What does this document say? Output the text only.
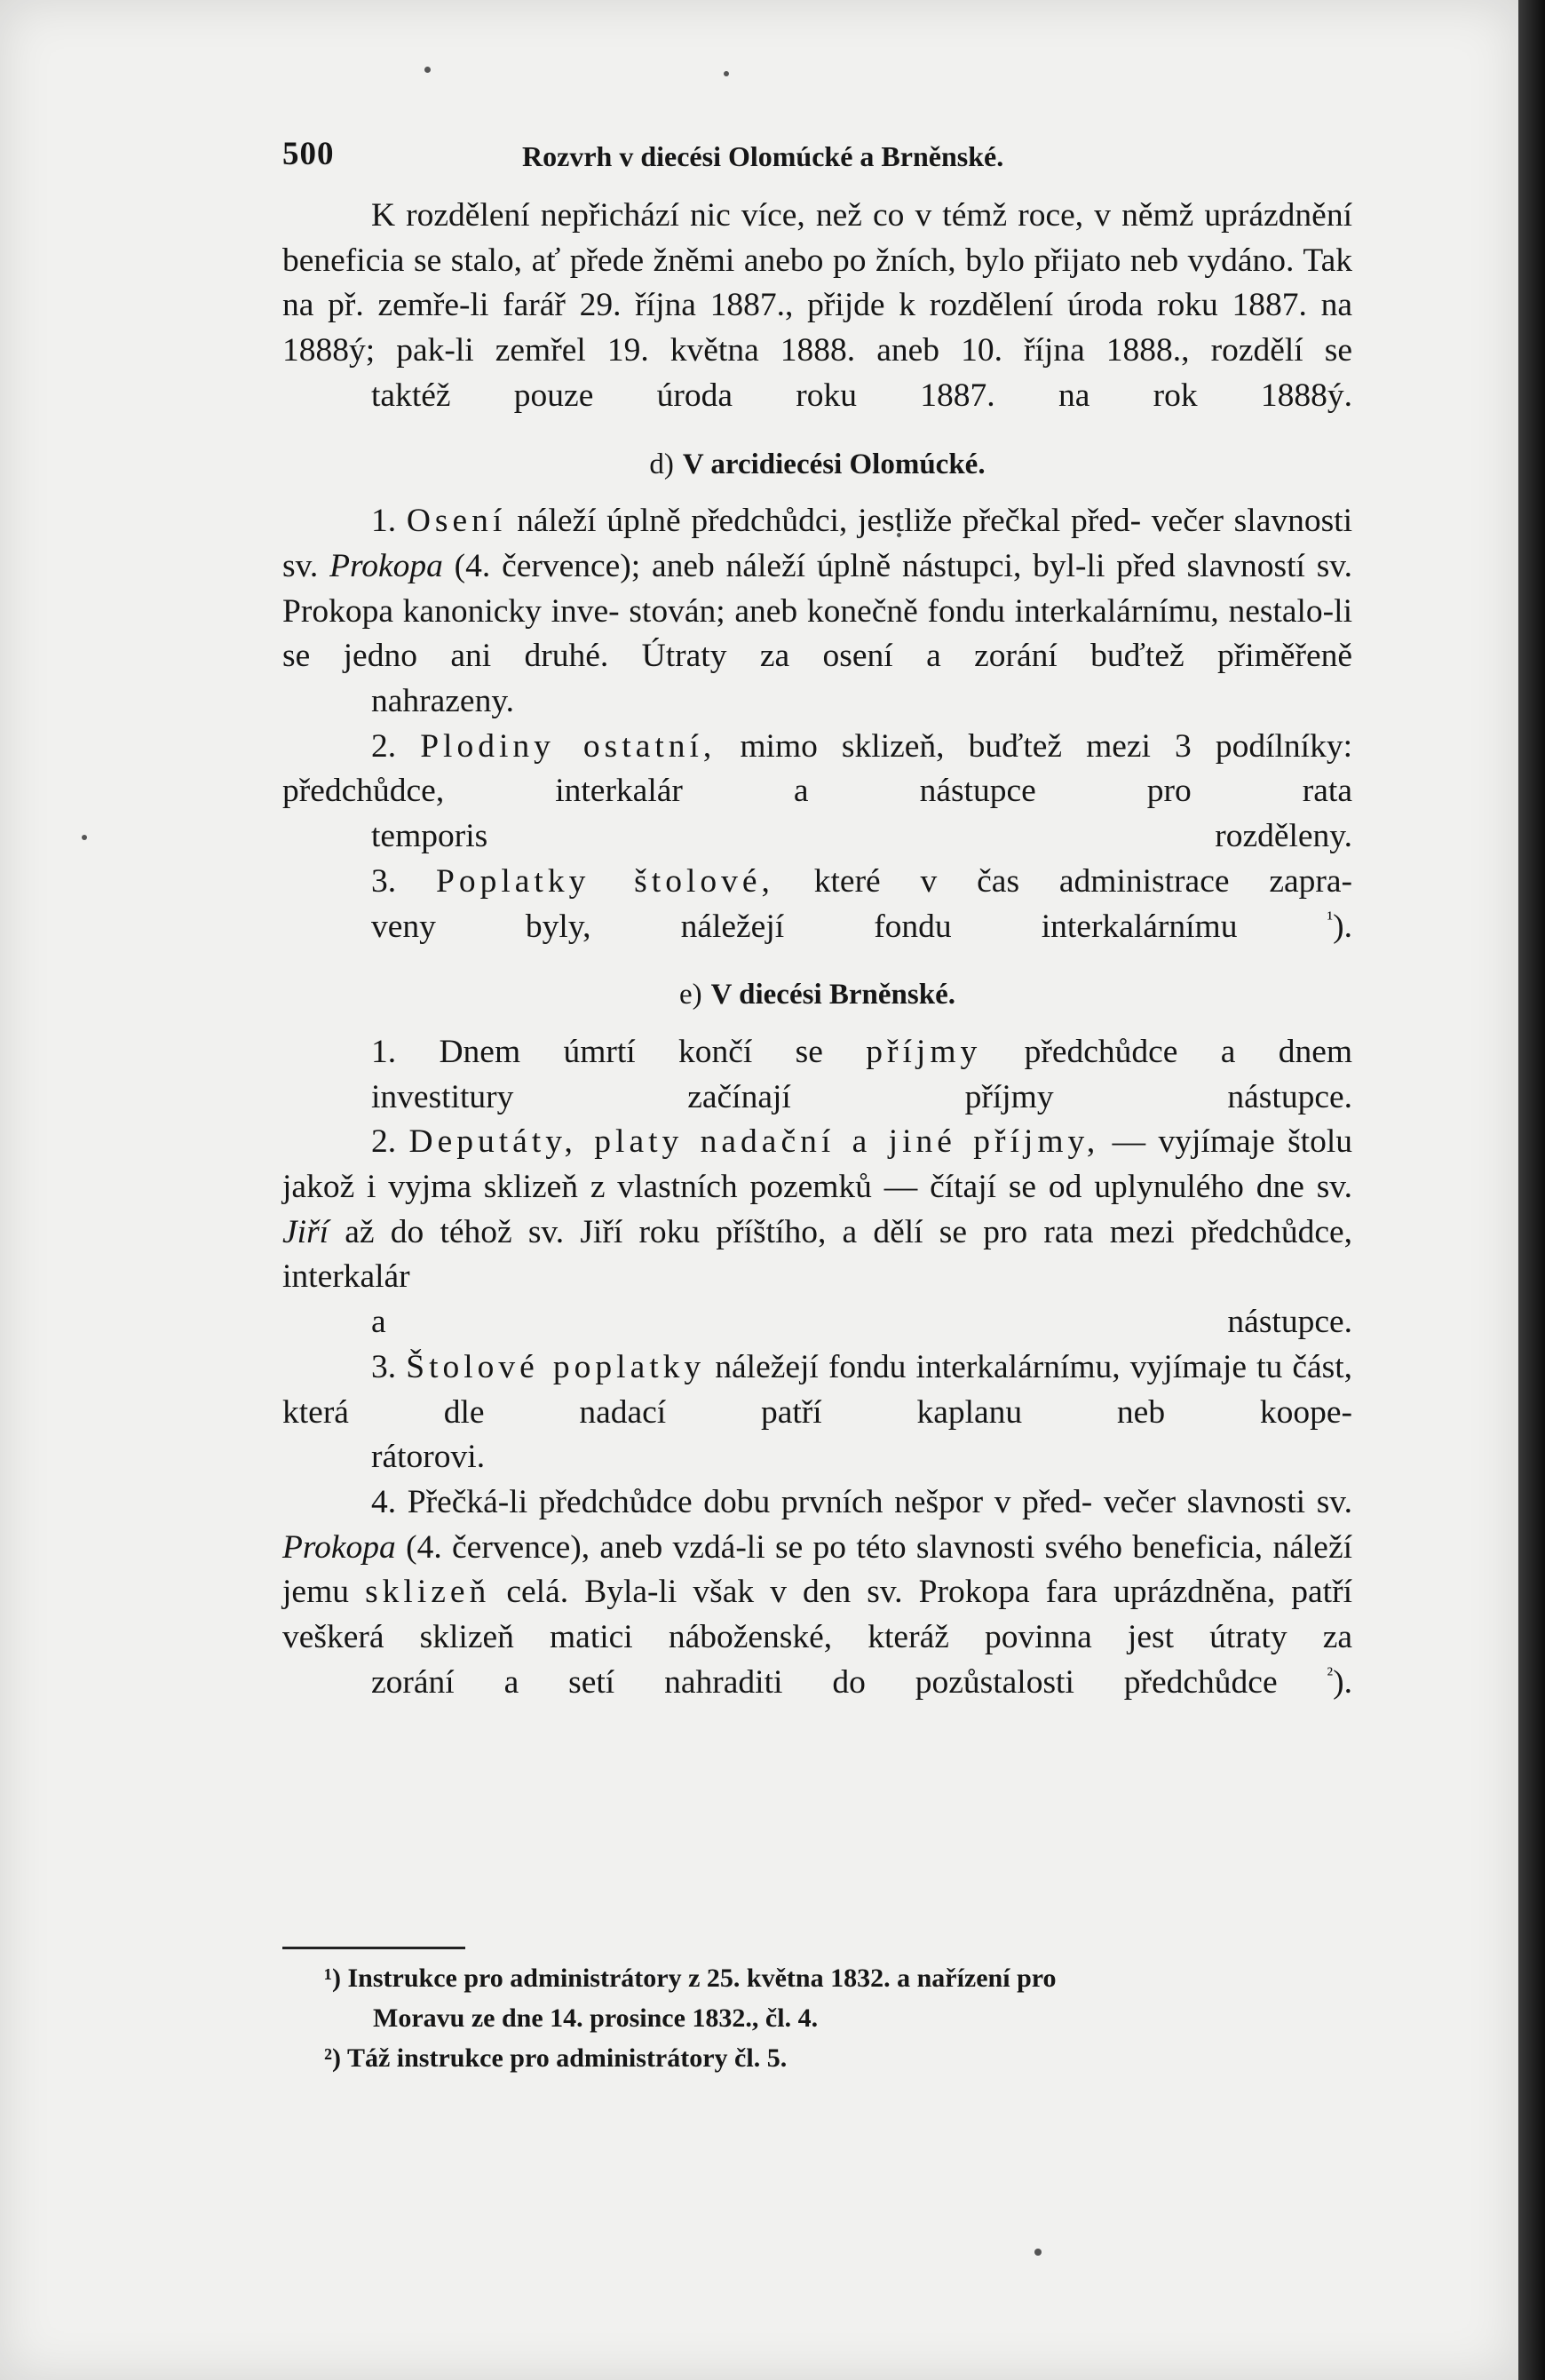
500	Rozvrh v diecési Olomúcké a Brněnské.

K rozdělení nepřichází nic více, než co v témž roce, v němž uprázdnění beneficia se stalo, ať přede žněmi anebo po žních, bylo přijato neb vydáno. Tak na př. zemře-li farář 29. října 1887., přijde k rozdělení úroda roku 1887. na 1888ý; pak-li zemřel 19. května 1888. aneb 10. října 1888., rozdělí se
taktéž pouze úroda roku 1887. na rok 1888ý.

d) V arcidiecési Olomúcké.

1. Osení náleží úplně předchůdci, jestliže přečkal před- večer slavnosti sv. Prokopa (4. července); aneb náleží úplně nástupci, byl-li před slavností sv. Prokopa kanonicky inve- stován; aneb konečně fondu interkalárnímu, nestalo-li se jedno ani druhé. Útraty za osení a zorání buďtež přiměřeně
nahrazeny.

2. Plodiny ostatní, mimo sklizeň, buďtež mezi 3 podílníky: předchůdce, interkalár a nástupce pro rata
temporis rozděleny.

3. Poplatky štolové, které v čas administrace zapra-
veny byly, náležejí fondu interkalárnímu	$^{^1}$).

e) V diecési Brněnské.

1. Dnem úmrtí končí se příjmy předchůdce a dnem
investitury začínají příjmy nástupce.

2. Deputáty, platy nadační a jiné příjmy, — vyjímaje štolu jakož i vyjma sklizeň z vlastních pozemků — čítají se od uplynulého dne sv. Jiří až do téhož sv. Jiří roku příštího, a dělí se pro rata mezi předchůdce, interkalár
a nástupce.

3. Štolové poplatky náležejí fondu interkalárnímu, vyjímaje tu část, která dle nadací patří kaplanu neb koope-
rátorovi.

4. Přečká-li předchůdce dobu prvních nešpor v před- večer slavnosti sv. Prokopa (4. července), aneb vzdá-li se po této slavnosti svého beneficia, náleží jemu sklizeň celá. Byla-li však v den sv. Prokopa fara uprázdněna, patří veškerá sklizeň matici náboženské, kteráž povinna jest útraty za
zorání a setí nahraditi do pozůstalosti předchůdce	$^{^2}$).

¹) Instrukce pro administrátory z 25. května 1832. a nařízení pro

Moravu ze dne 14. prosince 1832., čl. 4.

²) Táž instrukce pro administrátory čl. 5.
